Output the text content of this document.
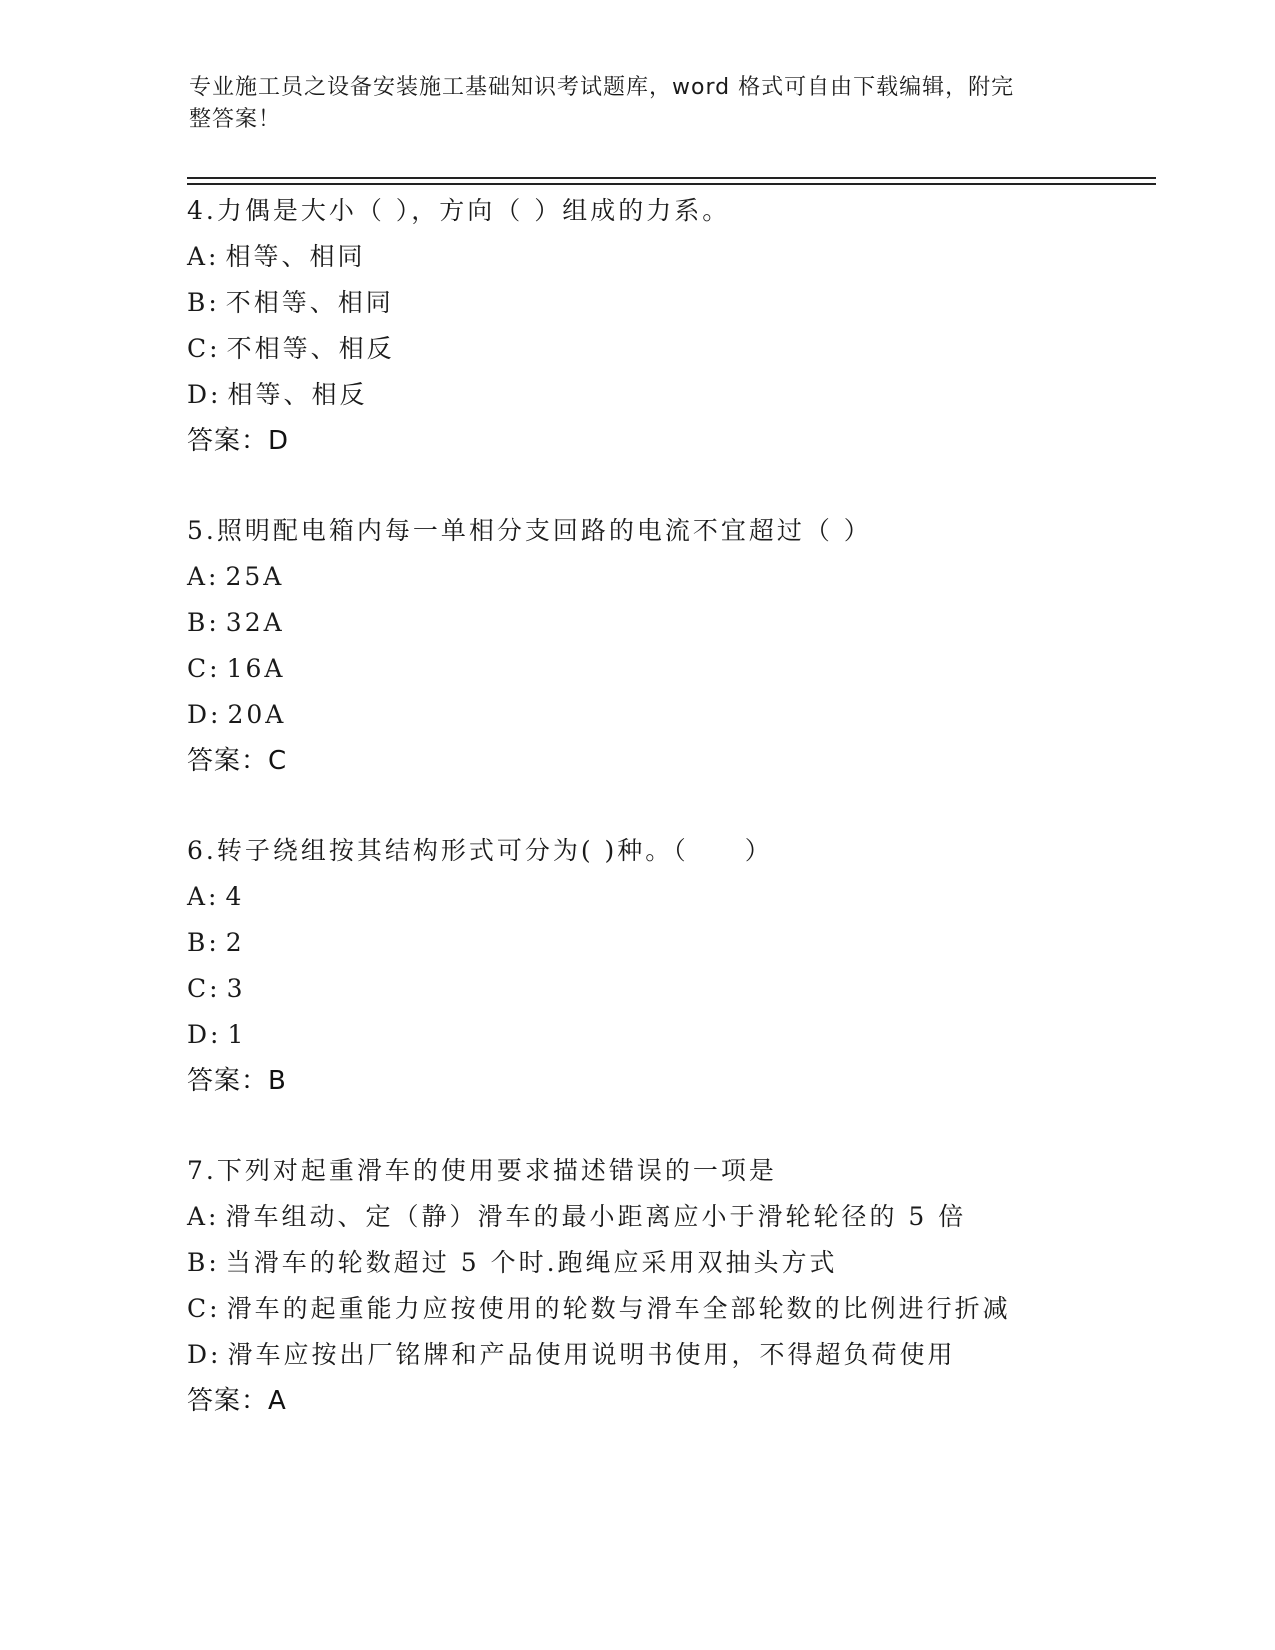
专业施工员之设备安装施工基础知识考试题库，word 格式可自由下载编辑，附完
整答案！
4.力偶是大小（ ），方向（ ）组成的力系。
A: 相等、相同
B: 不相等、相同
C: 不相等、相反
D: 相等、相反
答案：D
5.照明配电箱内每一单相分支回路的电流不宜超过（ ）
A: 25A
B: 32A
C: 16A
D: 20A
答案：C
6.转子绕组按其结构形式可分为( )种。（　　）
A: 4
B: 2
C: 3
D: 1
答案：B
7.下列对起重滑车的使用要求描述错误的一项是
A: 滑车组动、定（静）滑车的最小距离应小于滑轮轮径的 5 倍
B: 当滑车的轮数超过 5 个时.跑绳应采用双抽头方式
C: 滑车的起重能力应按使用的轮数与滑车全部轮数的比例进行折减
D: 滑车应按出厂铭牌和产品使用说明书使用，不得超负荷使用
答案：A
